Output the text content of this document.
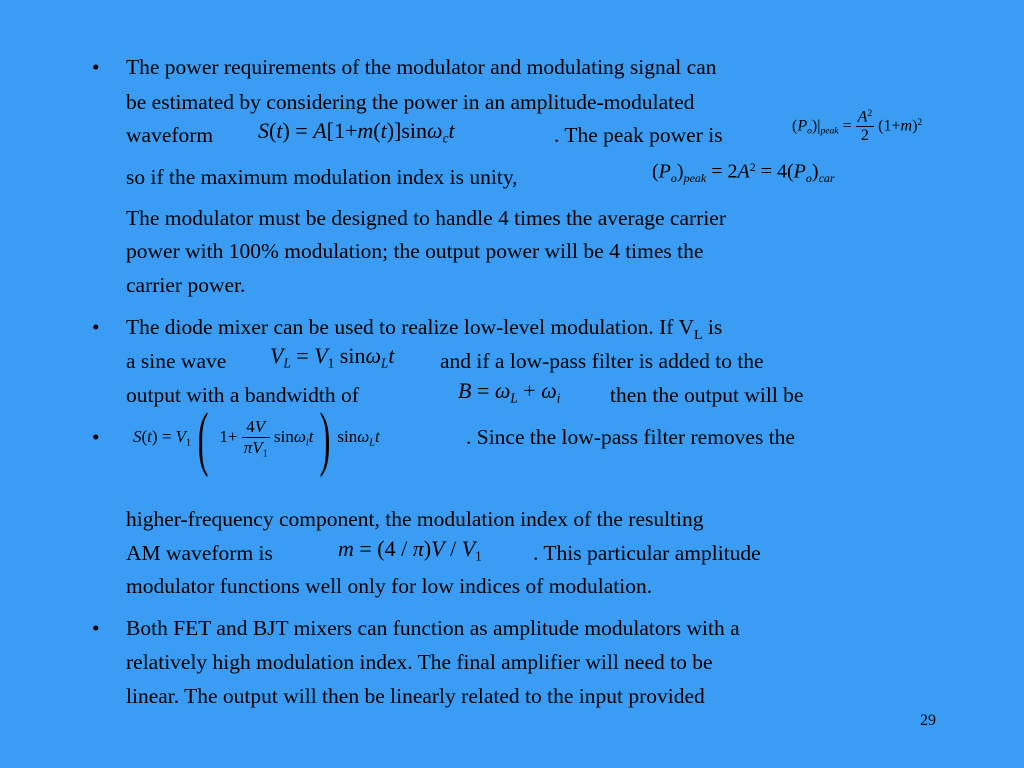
• The power requirements of the modulator and modulating signal can
be estimated by considering the power in an amplitude-modulated
waveform S(t) = A[1+m(t)]sinω$_c$t	. The peak power is	$(P_o)|_{peak} = \frac{A^2}{2} (1+m)^2$
so if the maximum modulation index is unity,	$(P_o)_{peak} = 2A^2 = 4(P_o)_{car}$
The modulator must be designed to handle 4 times the average carrier
power with 100% modulation; the output power will be 4 times the
carrier power.
• The diode mixer can be used to realize low-level modulation. If $V_L$ is
a sine wave $V_L = V_1$ sinω$_L$t and if a low-pass filter is added to the
output with a bandwidth of	$B = \omega_L + \omega_i$ then the output will be
• $S(t) = V_1$( $1+ \frac{4V}{\pi V_1} \sin\omega_it$) sinω$_L$t	. Since the low-pass filter removes the
higher-frequency component, the modulation index of the resulting
AM waveform is	$m = (4 / \pi)V / V_1$ . This particular amplitude
modulator functions well only for low indices of modulation.
• Both FET and BJT mixers can function as amplitude modulators with a
relatively high modulation index. The final amplifier will need to be
linear. The output will then be linearly related to the input provided
29
